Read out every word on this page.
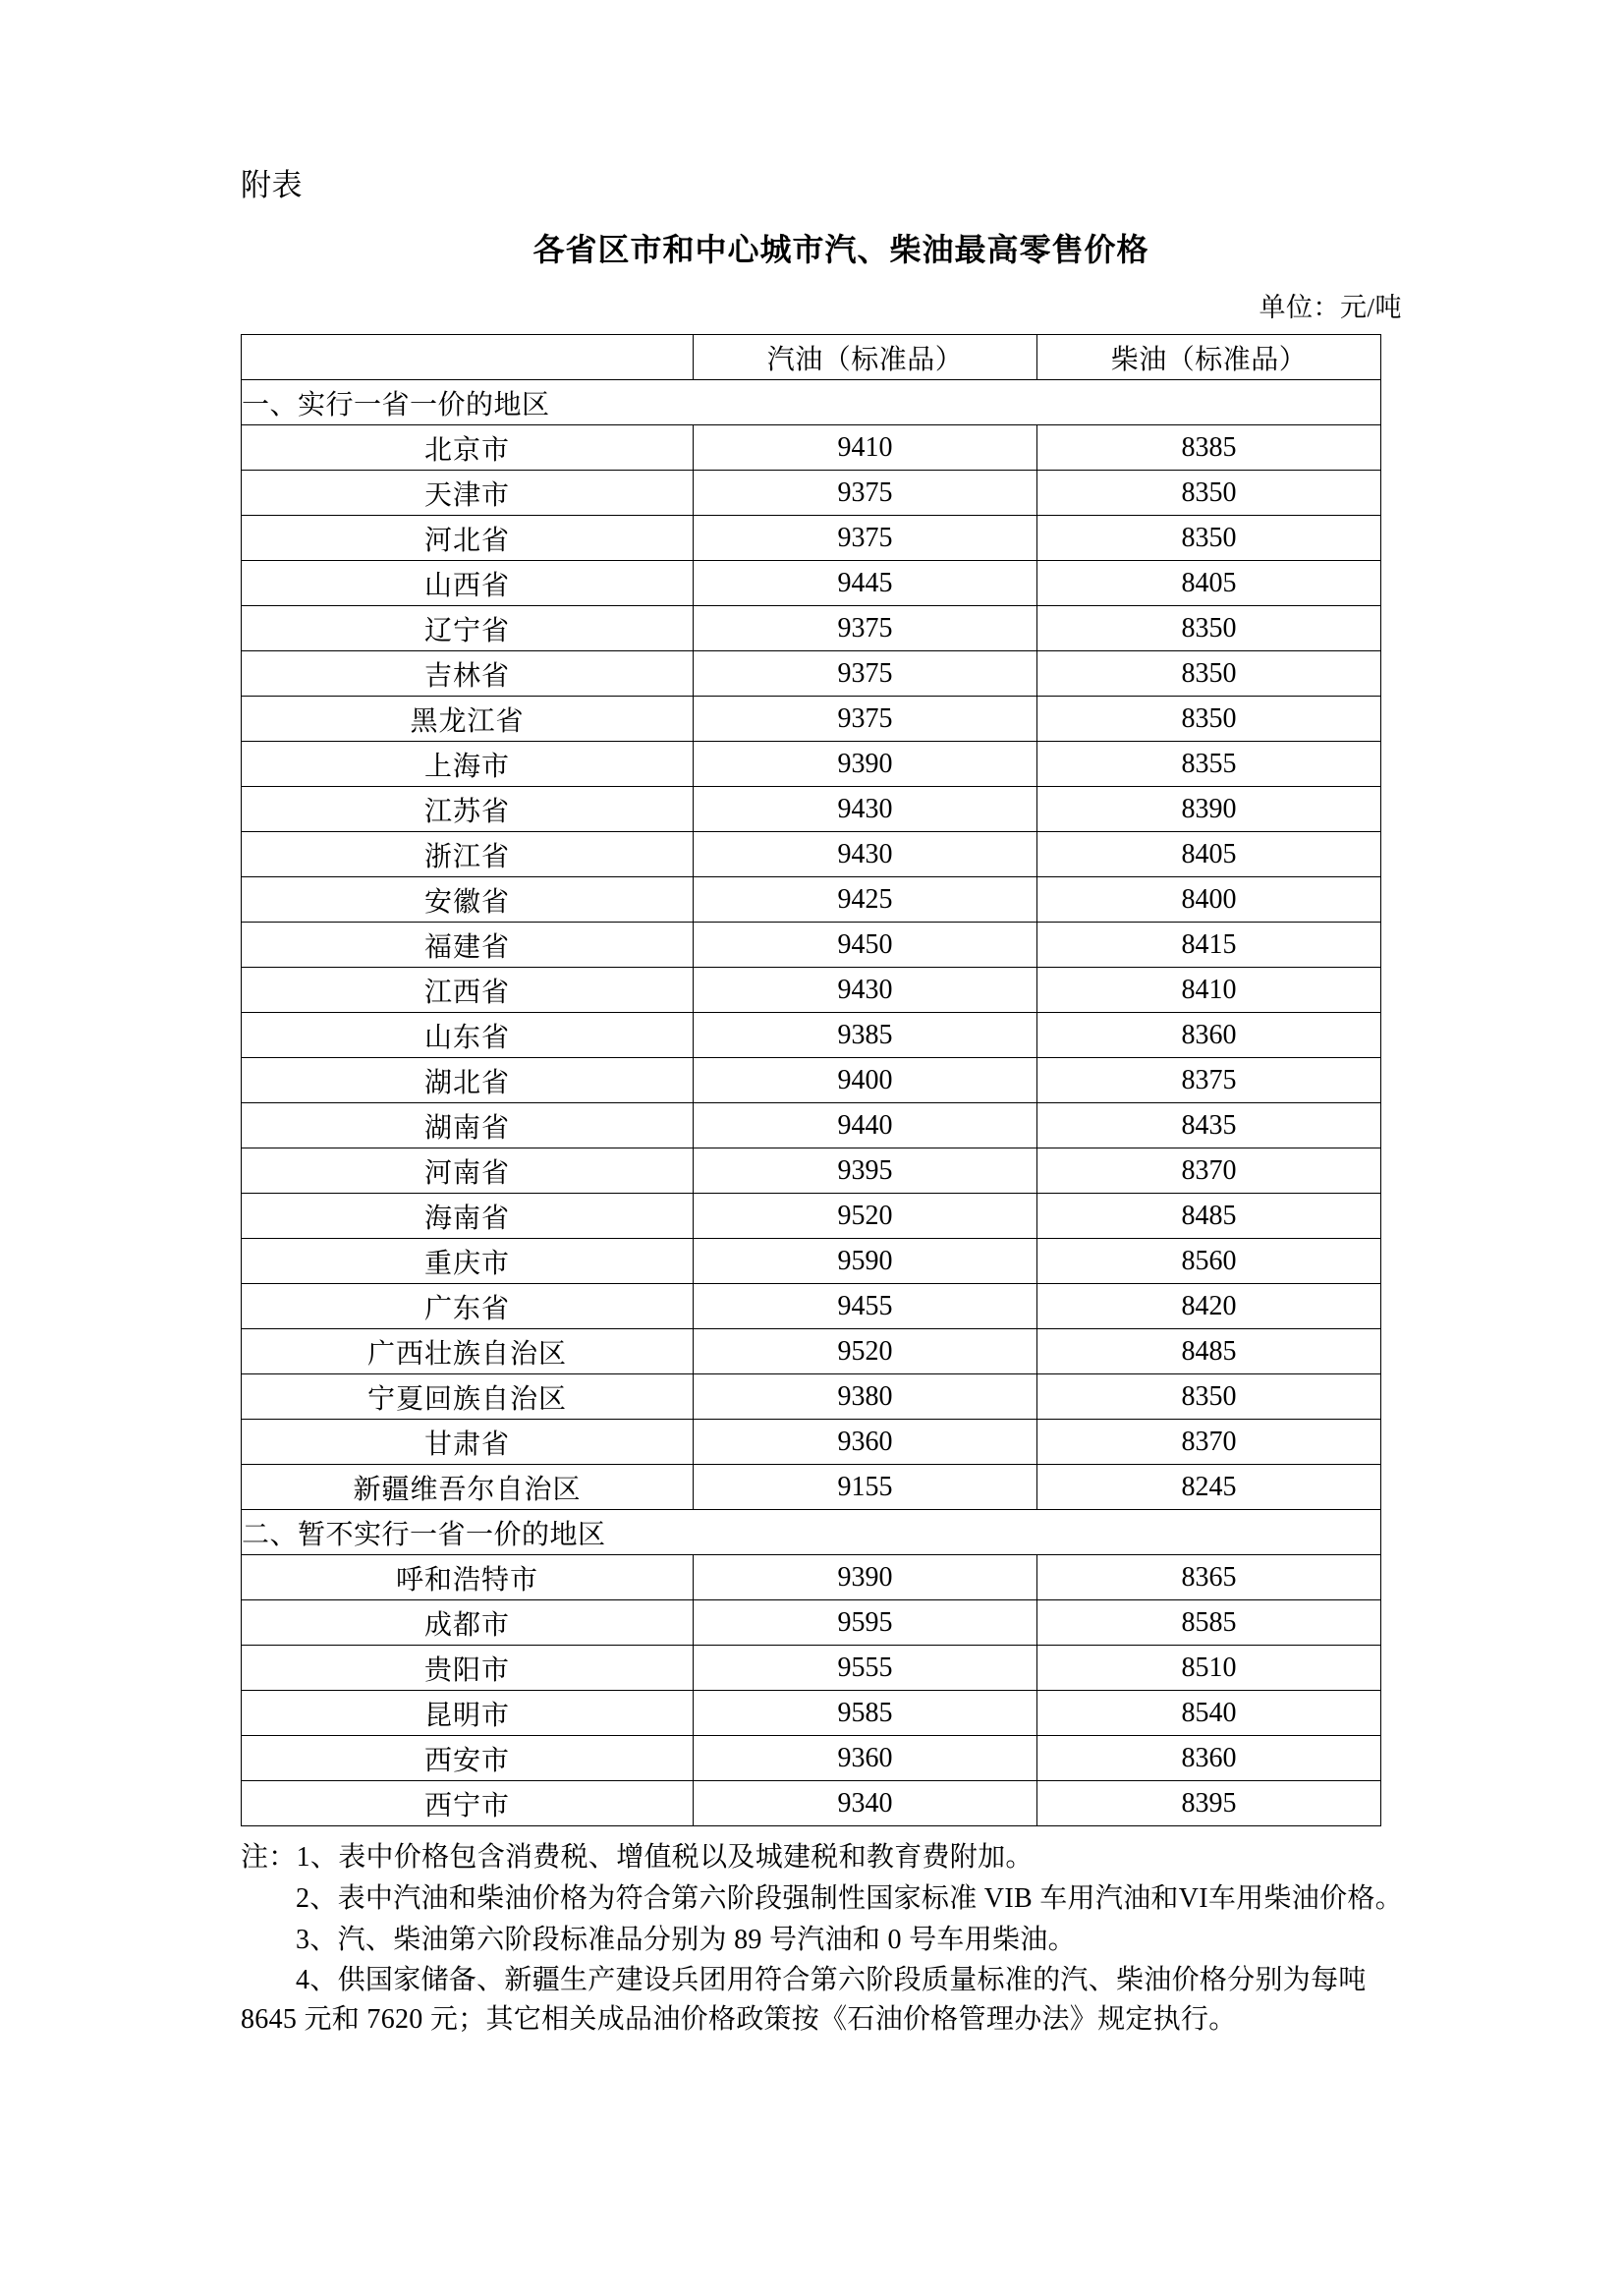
附表
各省区市和中心城市汽、柴油最高零售价格
单位：元/吨
	汽油（标准品）	柴油（标准品）
一、实行一省一价的地区		
北京市	9410	8385
天津市	9375	8350
河北省	9375	8350
山西省	9445	8405
辽宁省	9375	8350
吉林省	9375	8350
黑龙江省	9375	8350
上海市	9390	8355
江苏省	9430	8390
浙江省	9430	8405
安徽省	9425	8400
福建省	9450	8415
江西省	9430	8410
山东省	9385	8360
湖北省	9400	8375
湖南省	9440	8435
河南省	9395	8370
海南省	9520	8485
重庆市	9590	8560
广东省	9455	8420
广西壮族自治区	9520	8485
宁夏回族自治区	9380	8350
甘肃省	9360	8370
新疆维吾尔自治区	9155	8245
二、暂不实行一省一价的地区		
呼和浩特市	9390	8365
成都市	9595	8585
贵阳市	9555	8510
昆明市	9585	8540
西安市	9360	8360
西宁市	9340	8395

注：1、表中价格包含消费税、增值税以及城建税和教育费附加。

2、表中汽油和柴油价格为符合第六阶段强制性国家标准 VIB 车用汽油和VI车用柴油价格。

3、汽、柴油第六阶段标准品分别为 89 号汽油和 0 号车用柴油。

4、供国家储备、新疆生产建设兵团用符合第六阶段质量标准的汽、柴油价格分别为每吨 8645 元和 7620 元；其它相关成品油价格政策按《石油价格管理办法》规定执行。
